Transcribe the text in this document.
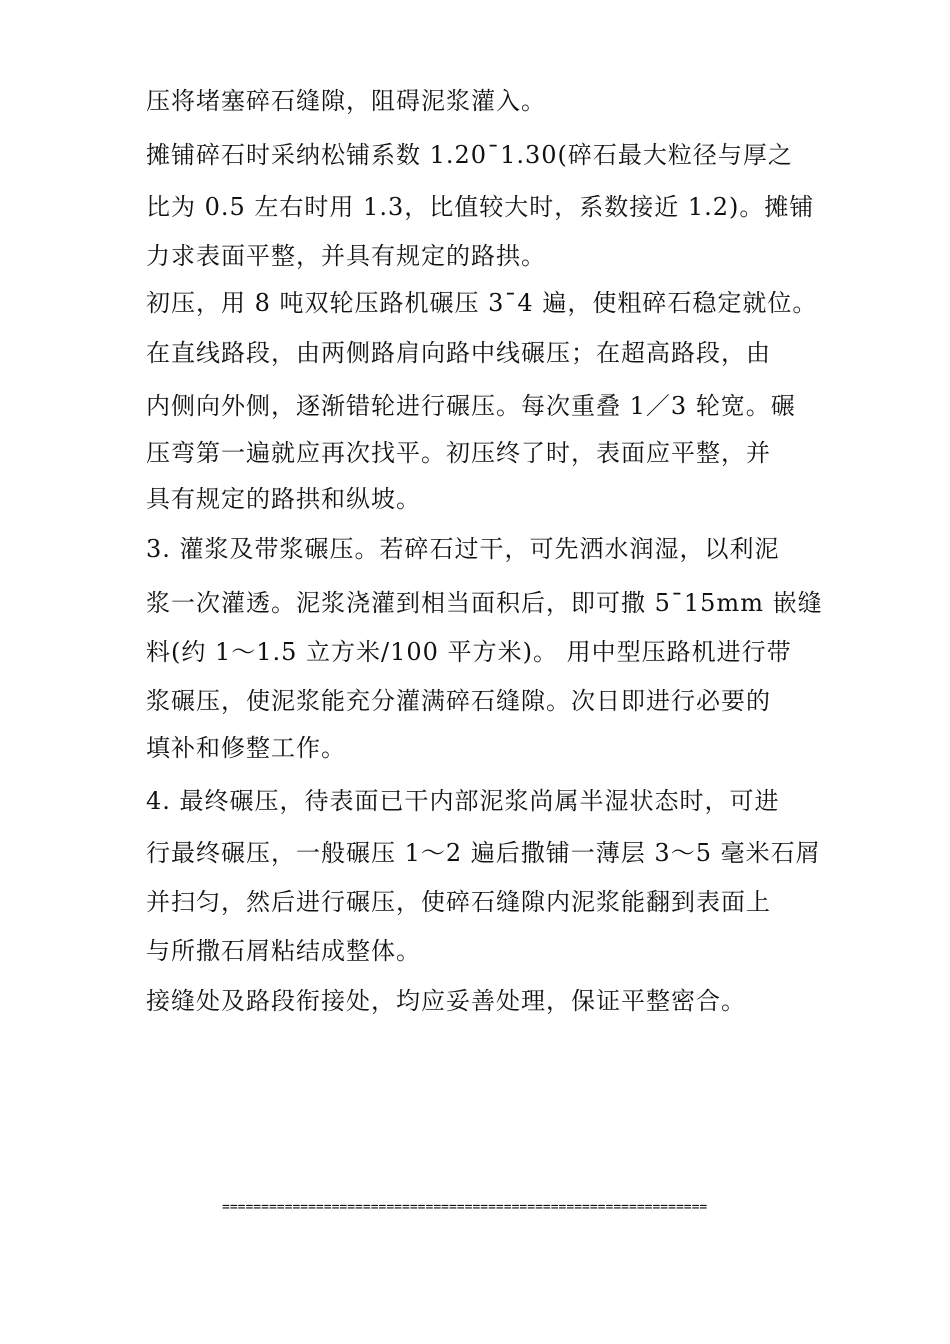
压将堵塞碎石缝隙，阻碍泥浆灌入。
摊铺碎石时采纳松铺系数 1.20¯1.30(碎石最大粒径与厚之
比为 0.5 左右时用 1.3，比值较大时，系数接近 1.2)。摊铺
力求表面平整，并具有规定的路拱。
初压，用 8 吨双轮压路机碾压 3¯4 遍，使粗碎石稳定就位。
在直线路段，由两侧路肩向路中线碾压；在超高路段，由
内侧向外侧，逐渐错轮进行碾压。每次重叠 1／3 轮宽。碾
压弯第一遍就应再次找平。初压终了时，表面应平整，并
具有规定的路拱和纵坡。
3. 灌浆及带浆碾压。若碎石过干，可先洒水润湿，以利泥
浆一次灌透。泥浆浇灌到相当面积后，即可撒 5¯15mm 嵌缝
料(约 1～1.5 立方米/100 平方米)。 用中型压路机进行带
浆碾压，使泥浆能充分灌满碎石缝隙。次日即进行必要的
填补和修整工作。
4. 最终碾压，待表面已干内部泥浆尚属半湿状态时，可进
行最终碾压，一般碾压 1～2 遍后撒铺一薄层 3～5 毫米石屑
并扫匀，然后进行碾压，使碎石缝隙内泥浆能翻到表面上
与所撒石屑粘结成整体。
接缝处及路段衔接处，均应妥善处理，保证平整密合。
==============================================================
